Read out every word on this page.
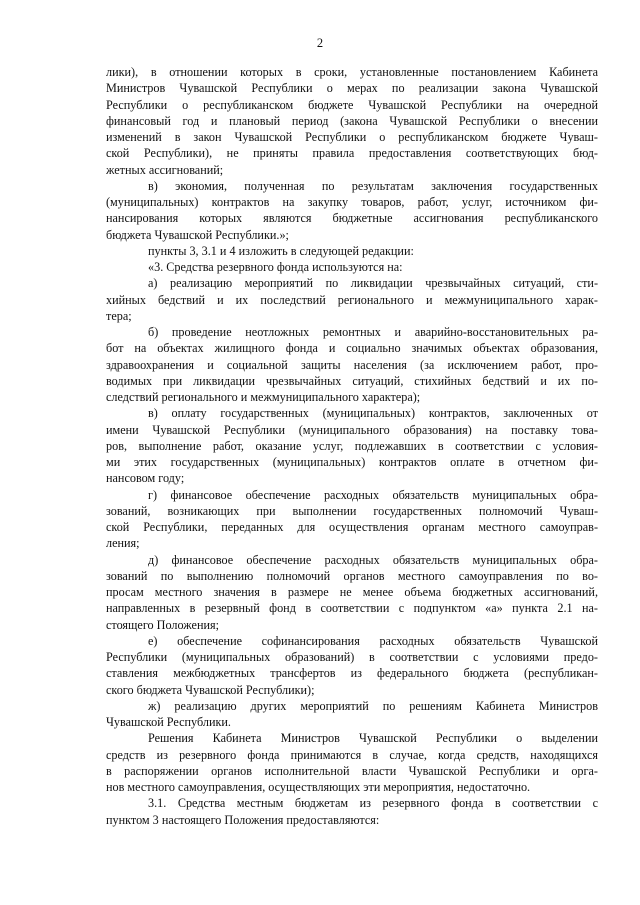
2
лики), в отношении которых в сроки, установленные постановлением Кабинета
Министров Чувашской Республики о мерах по реализации закона Чувашской
Республики о республиканском бюджете Чувашской Республики на очередной
финансовый год и плановый период (закона Чувашской Республики о внесении
изменений в закон Чувашской Республики о республиканском бюджете Чуваш-
ской Республики), не приняты правила предоставления соответствующих бюд-
жетных ассигнований;
в) экономия, полученная по результатам заключения государственных
(муниципальных) контрактов на закупку товаров, работ, услуг, источником фи-
нансирования которых являются бюджетные ассигнования республиканского
бюджета Чувашской Республики.»;
пункты 3, 3.1 и 4 изложить в следующей редакции:
«3. Средства резервного фонда используются на:
а) реализацию мероприятий по ликвидации чрезвычайных ситуаций, сти-
хийных бедствий и их последствий регионального и межмуниципального харак-
тера;
б) проведение неотложных ремонтных и аварийно-восстановительных ра-
бот на объектах жилищного фонда и социально значимых объектах образования,
здравоохранения и социальной защиты населения (за исключением работ, про-
водимых при ликвидации чрезвычайных ситуаций, стихийных бедствий и их по-
следствий регионального и межмуниципального характера);
в) оплату государственных (муниципальных) контрактов, заключенных от
имени Чувашской Республики (муниципального образования) на поставку това-
ров, выполнение работ, оказание услуг, подлежавших в соответствии с условия-
ми этих государственных (муниципальных) контрактов оплате в отчетном фи-
нансовом году;
г) финансовое обеспечение расходных обязательств муниципальных обра-
зований, возникающих при выполнении государственных полномочий Чуваш-
ской Республики, переданных для осуществления органам местного самоуправ-
ления;
д) финансовое обеспечение расходных обязательств муниципальных обра-
зований по выполнению полномочий органов местного самоуправления по во-
просам местного значения в размере не менее объема бюджетных ассигнований,
направленных в резервный фонд в соответствии с подпунктом «а» пункта 2.1 на-
стоящего Положения;
е) обеспечение софинансирования расходных обязательств Чувашской
Республики (муниципальных образований) в соответствии с условиями предо-
ставления межбюджетных трансфертов из федерального бюджета (республикан-
ского бюджета Чувашской Республики);
ж) реализацию других мероприятий по решениям Кабинета Министров
Чувашской Республики.
Решения Кабинета Министров Чувашской Республики о выделении
средств из резервного фонда принимаются в случае, когда средств, находящихся
в распоряжении органов исполнительной власти Чувашской Республики и орга-
нов местного самоуправления, осуществляющих эти мероприятия, недостаточно.
3.1. Средства местным бюджетам из резервного фонда в соответствии с
пунктом 3 настоящего Положения предоставляются:
